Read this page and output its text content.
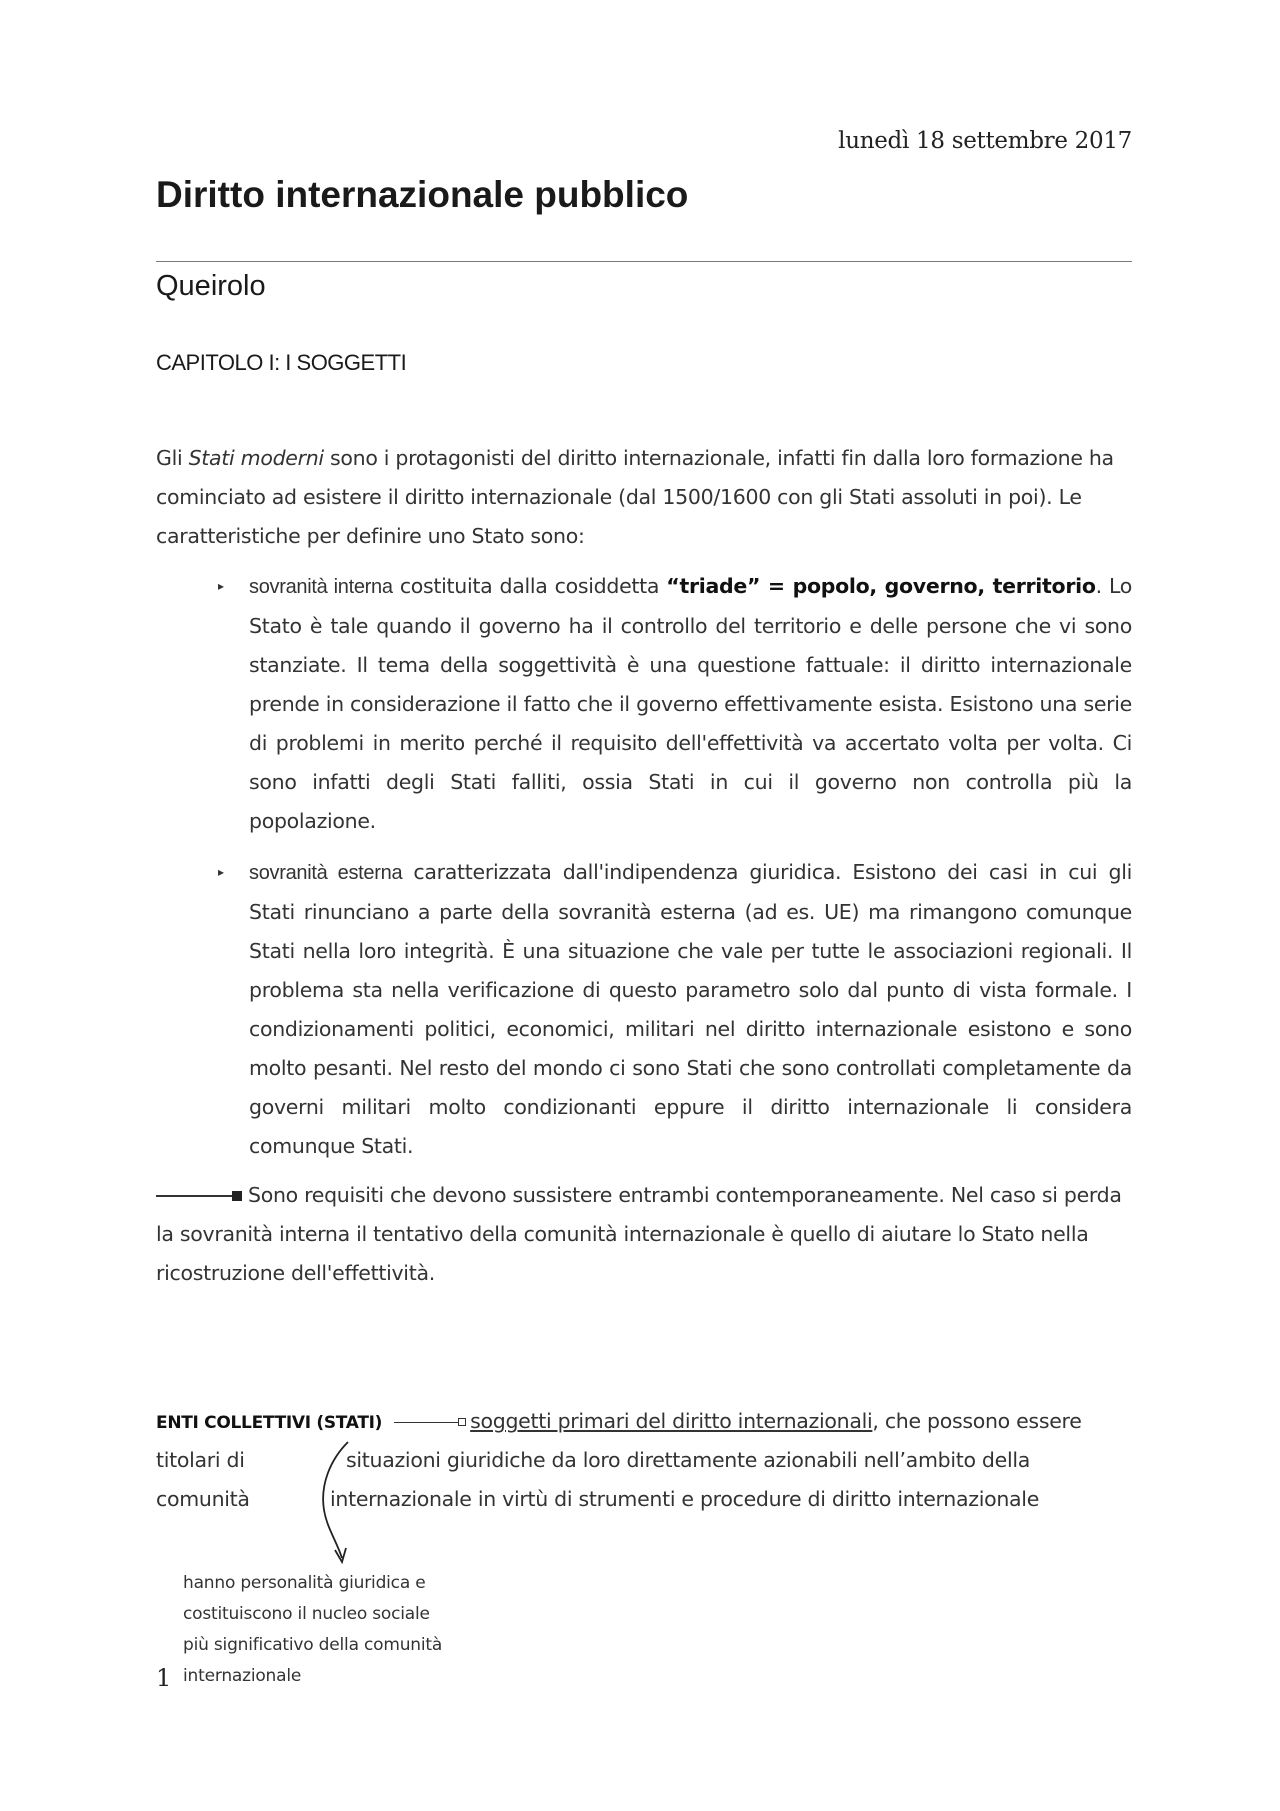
lunedì 18 settembre 2017
Diritto internazionale pubblico
Queirolo
CAPITOLO I: I SOGGETTI
Gli Stati moderni sono i protagonisti del diritto internazionale, infatti fin dalla loro formazione ha cominciato ad esistere il diritto internazionale (dal 1500/1600 con gli Stati assoluti in poi). Le caratteristiche per definire uno Stato sono:
▸ sovranità interna costituita dalla cosiddetta “triade” = popolo, governo, territorio. Lo Stato è tale quando il governo ha il controllo del territorio e delle persone che vi sono stanziate. Il tema della soggettività è una questione fattuale: il diritto internazionale prende in considerazione il fatto che il governo effettivamente esista. Esistono una serie di problemi in merito perché il requisito dell'effettività va accertato volta per volta. Ci sono infatti degli Stati falliti, ossia Stati in cui il governo non controlla più la popolazione.
▸ sovranità esterna caratterizzata dall'indipendenza giuridica. Esistono dei casi in cui gli Stati rinunciano a parte della sovranità esterna (ad es. UE) ma rimangono comunque Stati nella loro integrità. È una situazione che vale per tutte le associazioni regionali. Il problema sta nella verificazione di questo parametro solo dal punto di vista formale. I condizionamenti politici, economici, militari nel diritto internazionale esistono e sono molto pesanti. Nel resto del mondo ci sono Stati che sono controllati completamente da governi militari molto condizionanti eppure il diritto internazionale li considera comunque Stati.
Sono requisiti che devono sussistere entrambi contemporaneamente. Nel caso si perda la sovranità interna il tentativo della comunità internazionale è quello di aiutare lo Stato nella ricostruzione dell'effettività.
ENTI COLLETTIVI (STATI)	soggetti primari del diritto internazionali, che possono essere
titolari di
comunità
situazioni giuridiche da loro direttamente azionabili nell’ambito della
internazionale in virtù di strumenti e procedure di diritto internazionale
hanno personalità giuridica e
costituiscono il nucleo sociale
più significativo della comunità
internazionale
1
